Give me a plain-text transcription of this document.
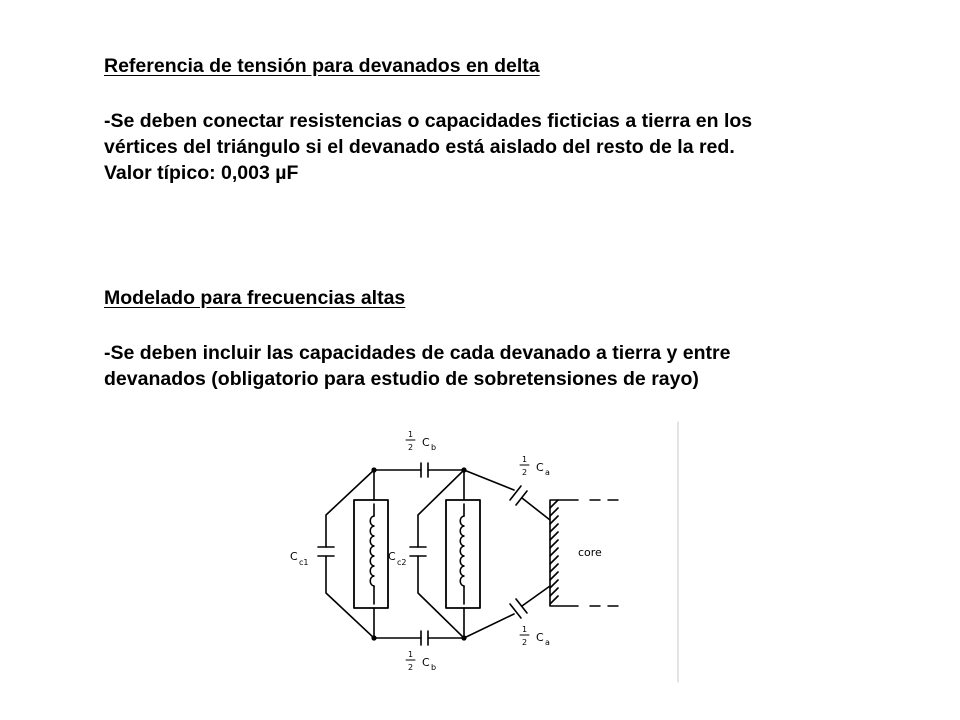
Referencia de tensión para devanados en delta

-Se deben conectar resistencias o capacidades ficticias a tierra en los
vértices del triángulo si el devanado está aislado del resto de la red.
Valor típico: 0,003 µF

Modelado para frecuencias altas

-Se deben incluir las capacidades de cada devanado a tierra y entre
devanados (obligatorio para estudio de sobretensiones de rayo)

1
2 C b
1
2 C b
1
2 C a
1
2 C a
C c1	C c2
core
